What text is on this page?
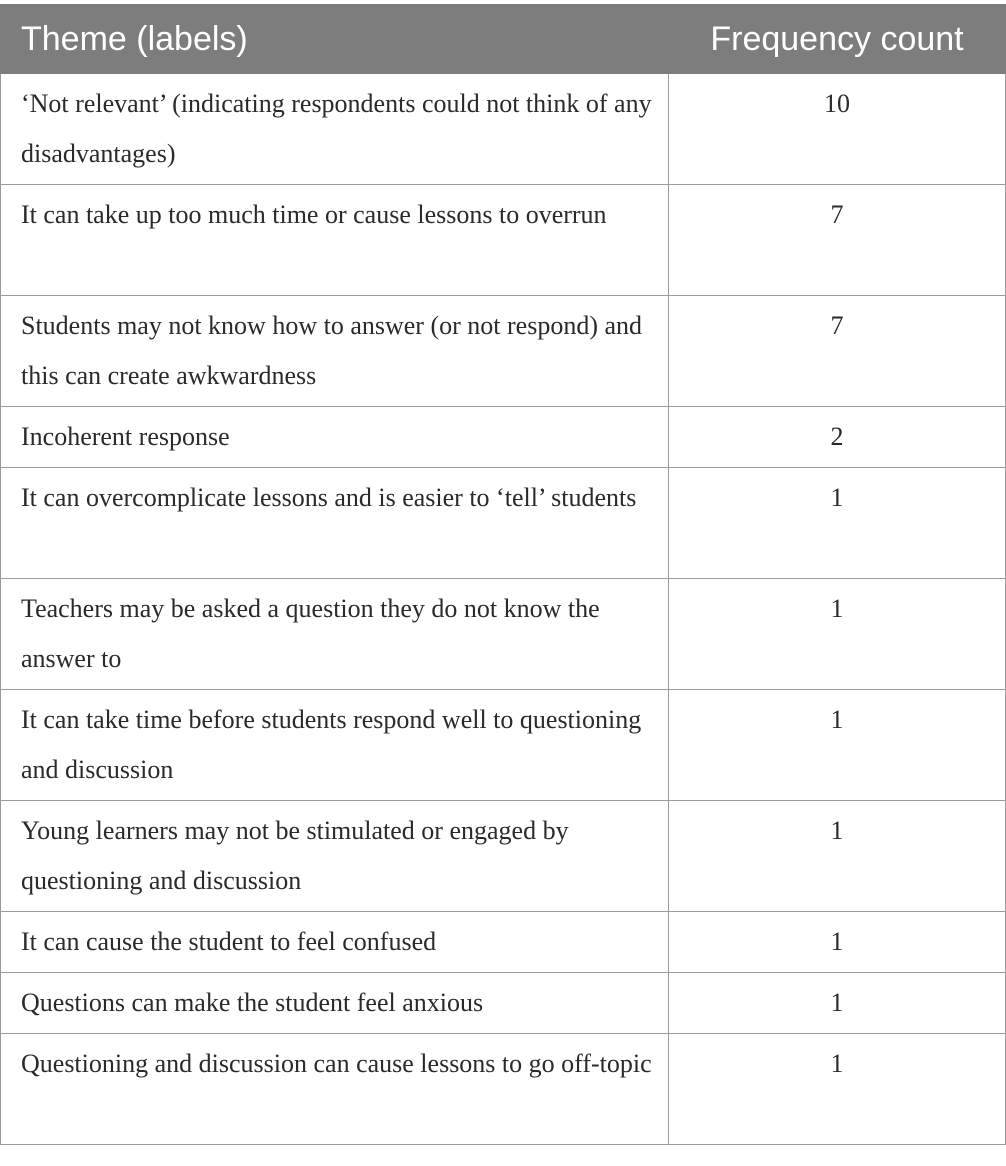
Theme (labels)	Frequency count
‘Not relevant’ (indicating respondents could not think of any disadvantages)	10
It can take up too much time or cause lessons to overrun	7
Students may not know how to answer (or not respond) and this can create awkwardness	7
Incoherent response	2
It can overcomplicate lessons and is easier to ‘tell’ students	1
Teachers may be asked a question they do not know the answer to	1
It can take time before students respond well to questioning and discussion	1
Young learners may not be stimulated or engaged by questioning and discussion	1
It can cause the student to feel confused	1
Questions can make the student feel anxious	1
Questioning and discussion can cause lessons to go off-topic	1
